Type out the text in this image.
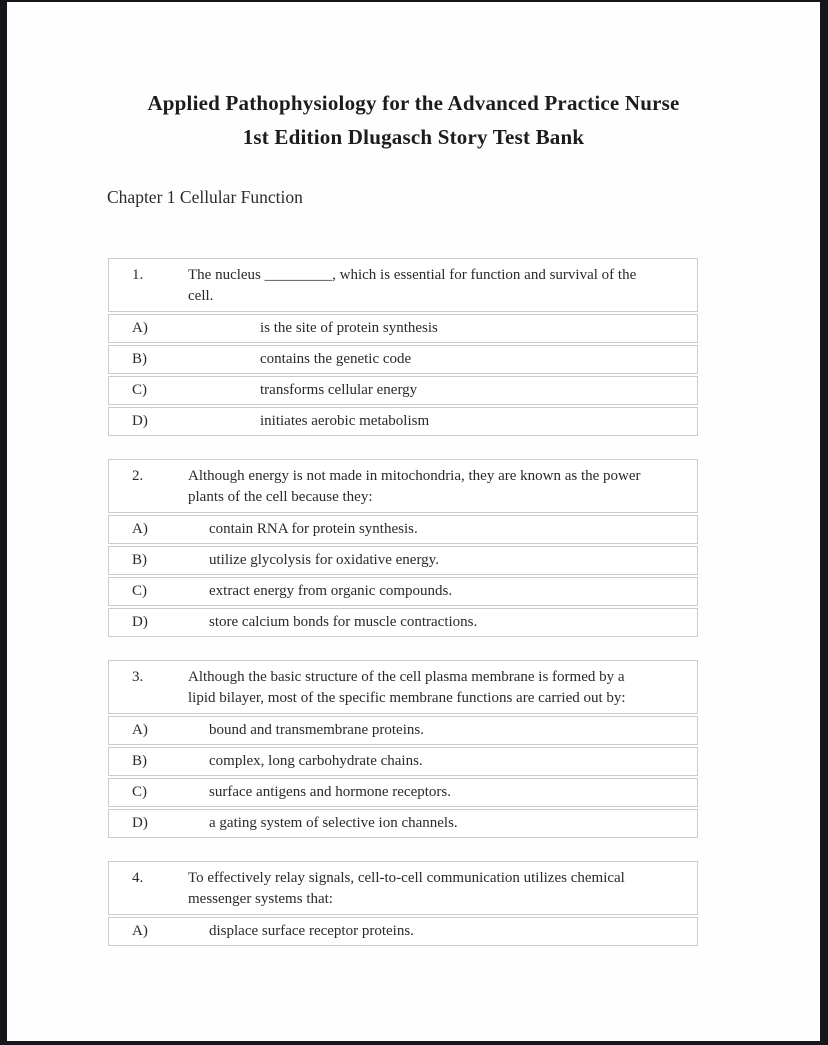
Applied Pathophysiology for the Advanced Practice Nurse
1st Edition Dlugasch Story Test Bank
Chapter 1 Cellular Function
1.	The nucleus _________, which is essential for function and survival of the
cell.
A)	is the site of protein synthesis
B)	contains the genetic code
C)	transforms cellular energy
D)	initiates aerobic metabolism
2.	Although energy is not made in mitochondria, they are known as the power
plants of the cell because they:
A)	contain RNA for protein synthesis.
B)	utilize glycolysis for oxidative energy.
C)	extract energy from organic compounds.
D)	store calcium bonds for muscle contractions.
3.	Although the basic structure of the cell plasma membrane is formed by a
lipid bilayer, most of the specific membrane functions are carried out by:
A)	bound and transmembrane proteins.
B)	complex, long carbohydrate chains.
C)	surface antigens and hormone receptors.
D)	a gating system of selective ion channels.
4.	To effectively relay signals, cell-to-cell communication utilizes chemical
messenger systems that:
A)	displace surface receptor proteins.
